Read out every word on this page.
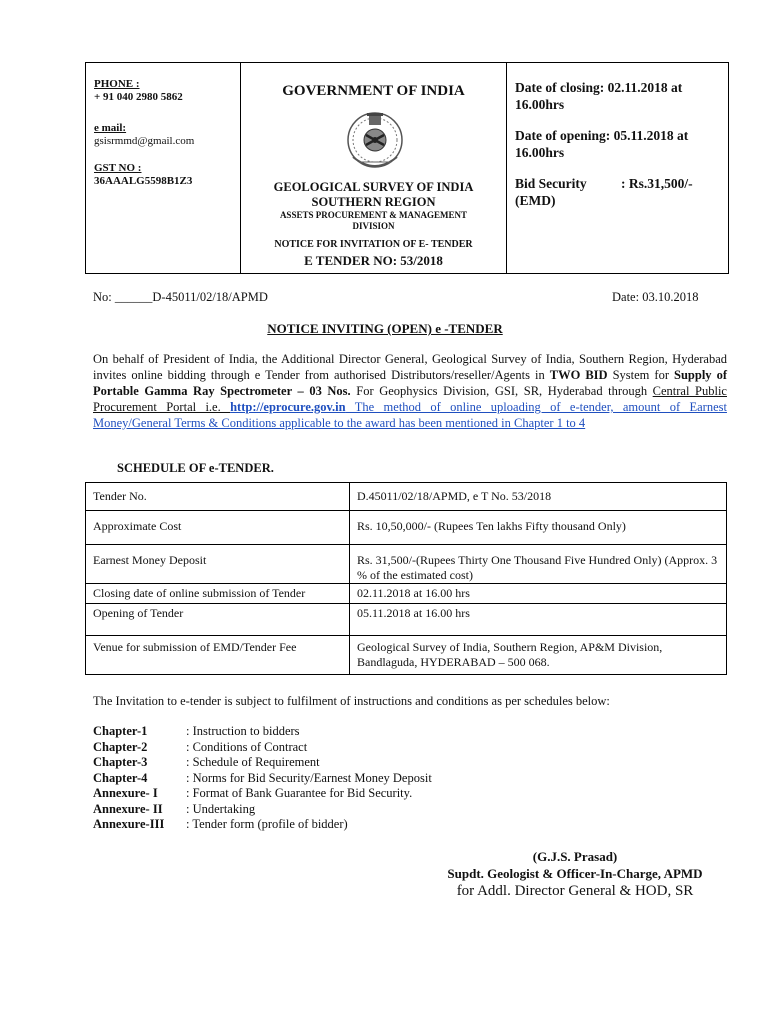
PHONE :
+ 91 040 2980 5862
e mail:
gsisrmmd@gmail.com
GST NO :
36AAALG5598B1Z3
GOVERNMENT OF INDIA
GEOLOGICAL SURVEY OF INDIA
SOUTHERN REGION
ASSETS PROCUREMENT & MANAGEMENT
DIVISION
NOTICE FOR INVITATION OF E- TENDER
E TENDER NO: 53/2018
Date of closing: 02.11.2018 at
16.00hrs
Date of opening: 05.11.2018 at
16.00hrs
Bid Security	: Rs.31,500/-
(EMD)
No: ______D-45011/02/18/APMD	Date: 03.10.2018
NOTICE INVITING (OPEN) e -TENDER
On behalf of President of India, the Additional Director General, Geological Survey of India, Southern Region, Hyderabad invites online bidding through e Tender from authorised Distributors/reseller/Agents in TWO BID System for Supply of Portable Gamma Ray Spectrometer – 03 Nos. For Geophysics Division, GSI, SR, Hyderabad through Central Public Procurement Portal i.e. http://eprocure.gov.in The method of online uploading of e-tender, amount of Earnest Money/General Terms & Conditions applicable to the award has been mentioned in Chapter 1 to 4
SCHEDULE OF e-TENDER.
Tender No.	D.45011/02/18/APMD, e T No. 53/2018
Approximate Cost	Rs. 10,50,000/- (Rupees Ten lakhs Fifty thousand Only)
Earnest Money Deposit	Rs. 31,500/-(Rupees Thirty One Thousand Five Hundred Only) (Approx. 3 % of the estimated cost)
Closing date of online submission of Tender	02.11.2018 at 16.00 hrs
Opening of Tender	05.11.2018 at 16.00 hrs
Venue for submission of EMD/Tender Fee	Geological Survey of India, Southern Region, AP&M Division, Bandlaguda, HYDERABAD – 500 068.
The Invitation to e-tender is subject to fulfilment of instructions and conditions as per schedules below:
Chapter-1	: Instruction to bidders
Chapter-2	: Conditions of Contract
Chapter-3	: Schedule of Requirement
Chapter-4	: Norms for Bid Security/Earnest Money Deposit
Annexure- I	: Format of Bank Guarantee for Bid Security.
Annexure- II	: Undertaking
Annexure-III	: Tender form (profile of bidder)
(G.J.S. Prasad)
Supdt. Geologist & Officer-In-Charge, APMD
for Addl. Director General & HOD, SR
